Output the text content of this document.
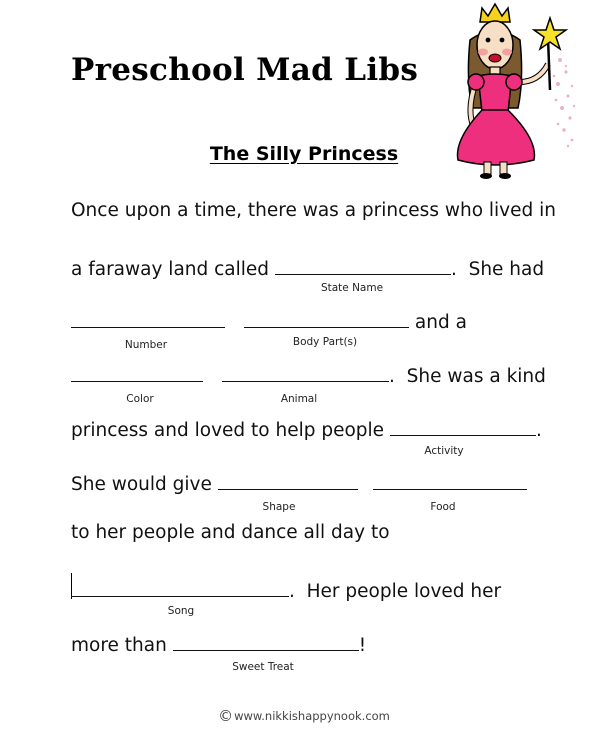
Preschool Mad Libs
The Silly Princess
Once upon a time, there was a princess who lived in
a faraway land called	.  She had
State Name
and a
Number	Body Part(s)
.  She was a kind
Color	Animal
princess and loved to help people	.
Activity
She would give
Shape	Food
to her people and dance all day to
.  Her people loved her
Song
more than	!
Sweet Treat
©www.nikkishappynook.com
